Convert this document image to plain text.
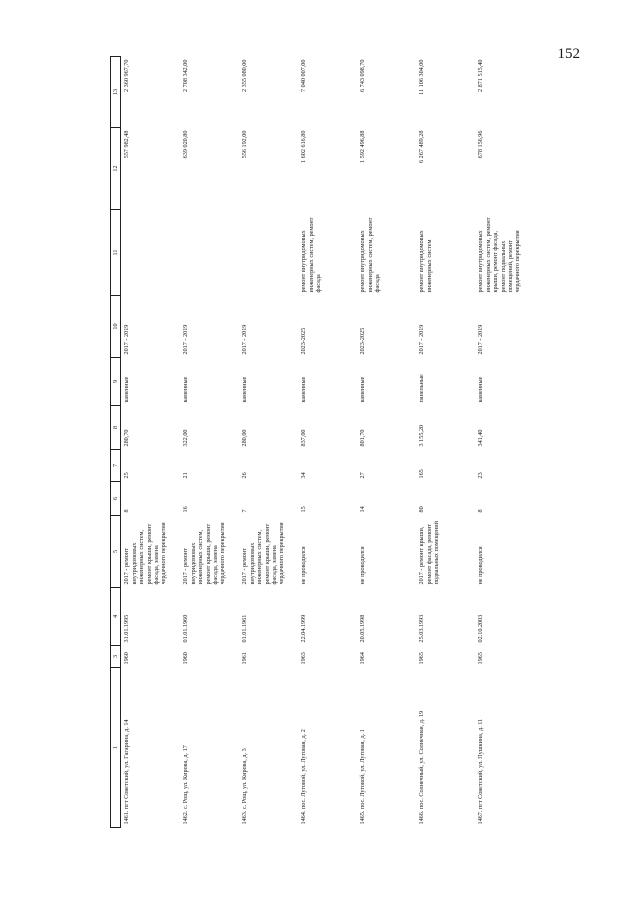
152
1	3	4	5	6	7	8	9	10	11	12	13	
1461. пгт Советский, ул. Гагарина, д. 14	1960	31.01.1995	2017 - ремонт внутридомовых инженерных систем, ремонт крыши, ремонт фасада, замена чердачного перекрытия	8	25	280,70	каменные	2017 - 2019		557 982,48	2 360 967,70	
1462. с. Рощ, ул. Кирова, д. 17	1960	01.01.1960	2017 - ремонт внутридомовых инженерных систем, ремонт крыши, ремонт фасада, замена чердачного перекрытия	16	21	322,00	каменные	2017 - 2019		639 020,80	2 708 342,00	
1463. с. Рощ, ул. Кирова, д. 3	1961	01.01.1961	2017 - ремонт внутридомовых инженерных систем, ремонт крыши, ремонт фасада, замена чердачного перекрытия	7	26	280,00	каменные	2017 - 2019		556 192,00	2 355 080,00	
1464. пос. Луговой, ул. Луговая, д. 2	1963	22.04.1999	не проводился	15	34	837,00	каменные	2023-2025	ремонт внутридомовых инженерных систем, ремонт фасада	1 602 616,80	7 040 007,00	
1465. пос. Луговой, ул. Луговая, д. 1	1964	20.05.1998	не проводился	14	27	801,70	каменные	2023-2025	ремонт внутридомовых инженерных систем, ремонт фасада	1 592 496,88	6 743 098,70	
1466. пос. Солнечный, ул. Солнечная, д. 19	1965	25.03.1993	2017 - ремонт крыши, ремонт фасада, ремонт подвальных помещений	80	165	3 155,20	панельные	2017 - 2019	ремонт внутридомовых инженерных систем	6 267 489,28	11 106 304,00	
1467. пгт Советский, ул. Пушкина, д. 11	1965	02.10.2003	не проводился	8	23	341,40	каменные	2017 - 2019	ремонт внутридомовых инженерных систем, ремонт крыши, ремонт фасада, ремонт подвальных помещений, ремонт чердачного перекрытия	678 156,96	2 871 515,40	
